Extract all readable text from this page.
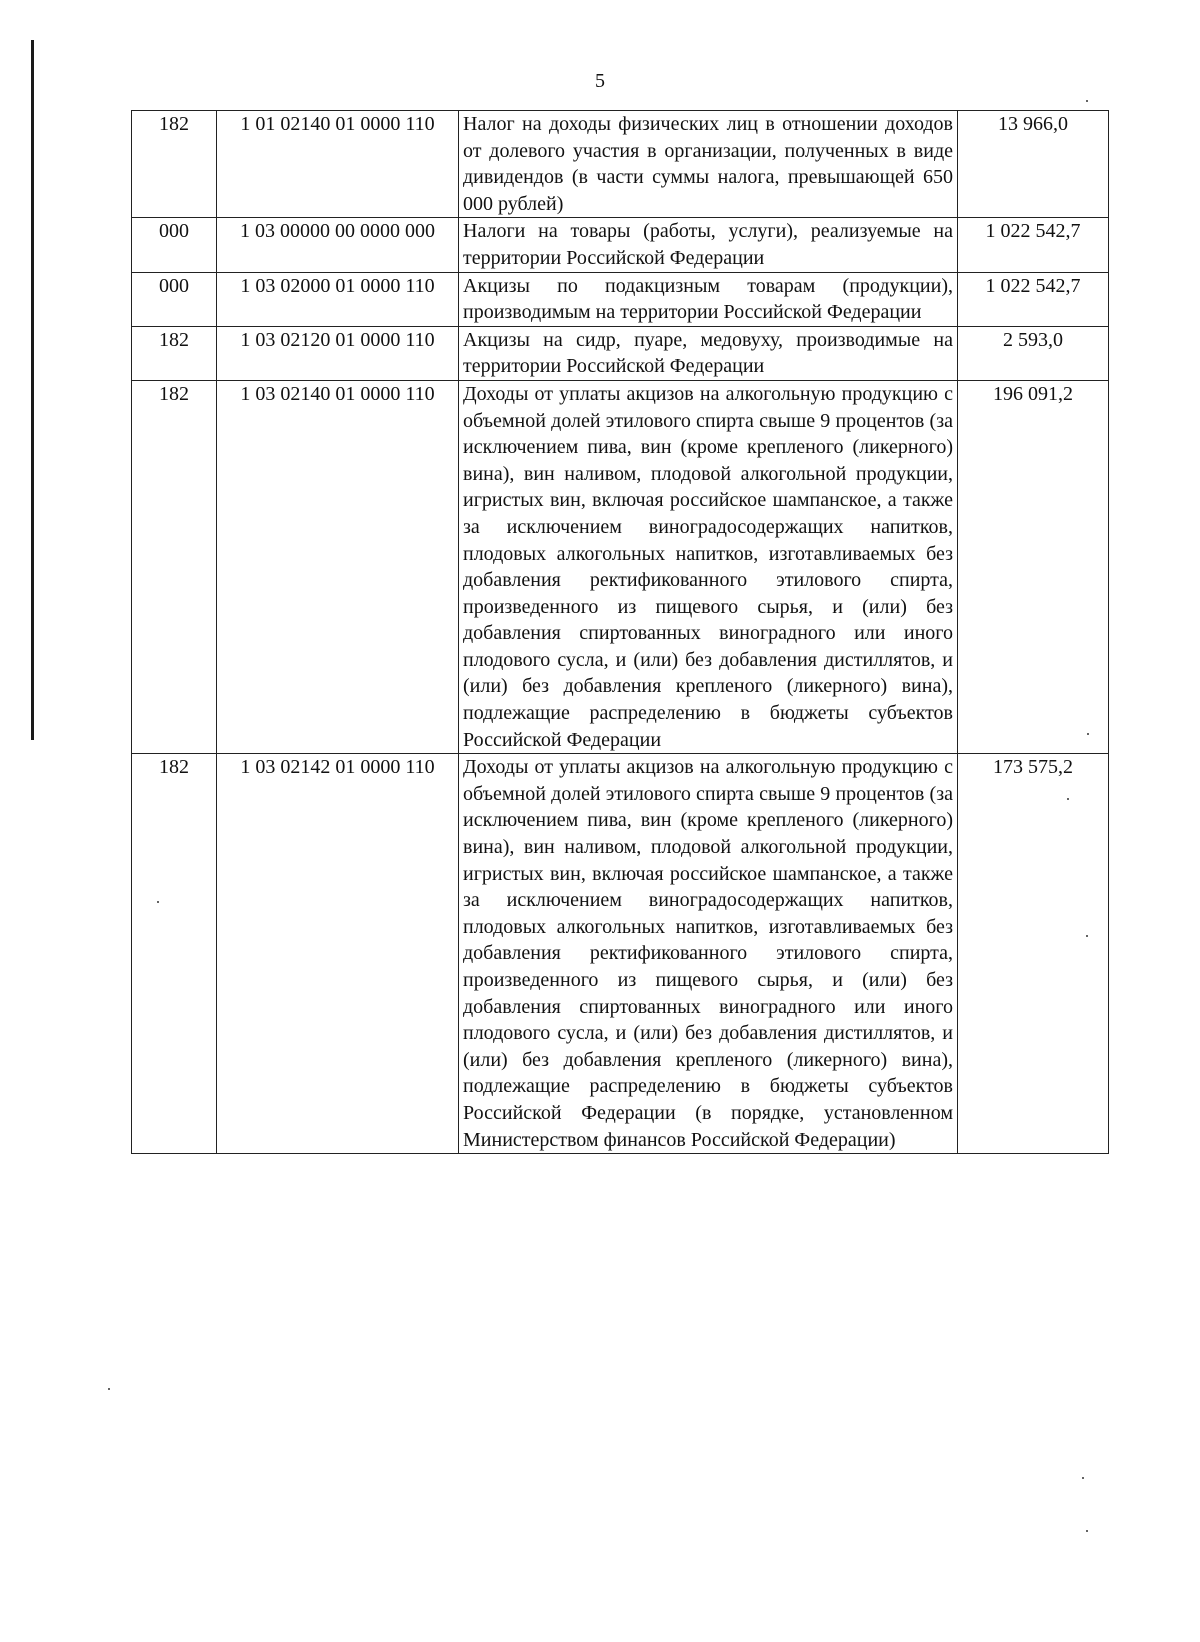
5
182	1 01 02140 01 0000 110	Налог на доходы физических лиц в отношении доходов от долевого участия в организации, полученных в виде дивидендов (в части суммы налога, превышающей 650 000 рублей)	13 966,0
000	1 03 00000 00 0000 000	Налоги на товары (работы, услуги), реализуемые на территории Российской Федерации	1 022 542,7
000	1 03 02000 01 0000 110	Акцизы по подакцизным товарам (продукции), производимым на территории Российской Федерации	1 022 542,7
182	1 03 02120 01 0000 110	Акцизы на сидр, пуаре, медовуху, производимые на территории Российской Федерации	2 593,0
182	1 03 02140 01 0000 110	Доходы от уплаты акцизов на алкогольную продукцию с объемной долей этилового спирта свыше 9 процентов (за исключением пива, вин (кроме крепленого (ликерного) вина), вин наливом, плодовой алкогольной продукции, игристых вин, включая российское шампанское, а также за исключением виноградосодержащих напитков, плодовых алкогольных напитков, изготавливаемых без добавления ректификованного этилового спирта, произведенного из пищевого сырья, и (или) без добавления спиртованных виноградного или иного плодового сусла, и (или) без добавления дистиллятов, и (или) без добавления крепленого (ликерного) вина), подлежащие распределению в бюджеты субъектов Российской Федерации	196 091,2
182	1 03 02142 01 0000 110	Доходы от уплаты акцизов на алкогольную продукцию с объемной долей этилового спирта свыше 9 процентов (за исключением пива, вин (кроме крепленого (ликерного) вина), вин наливом, плодовой алкогольной продукции, игристых вин, включая российское шампанское, а также за исключением виноградосодержащих напитков, плодовых алкогольных напитков, изготавливаемых без добавления ректификованного этилового спирта, произведенного из пищевого сырья, и (или) без добавления спиртованных виноградного или иного плодового сусла, и (или) без добавления дистиллятов, и (или) без добавления крепленого (ликерного) вина), подлежащие распределению в бюджеты субъектов Российской Федерации (в порядке, установленном Министерством финансов Российской Федерации)	173 575,2
